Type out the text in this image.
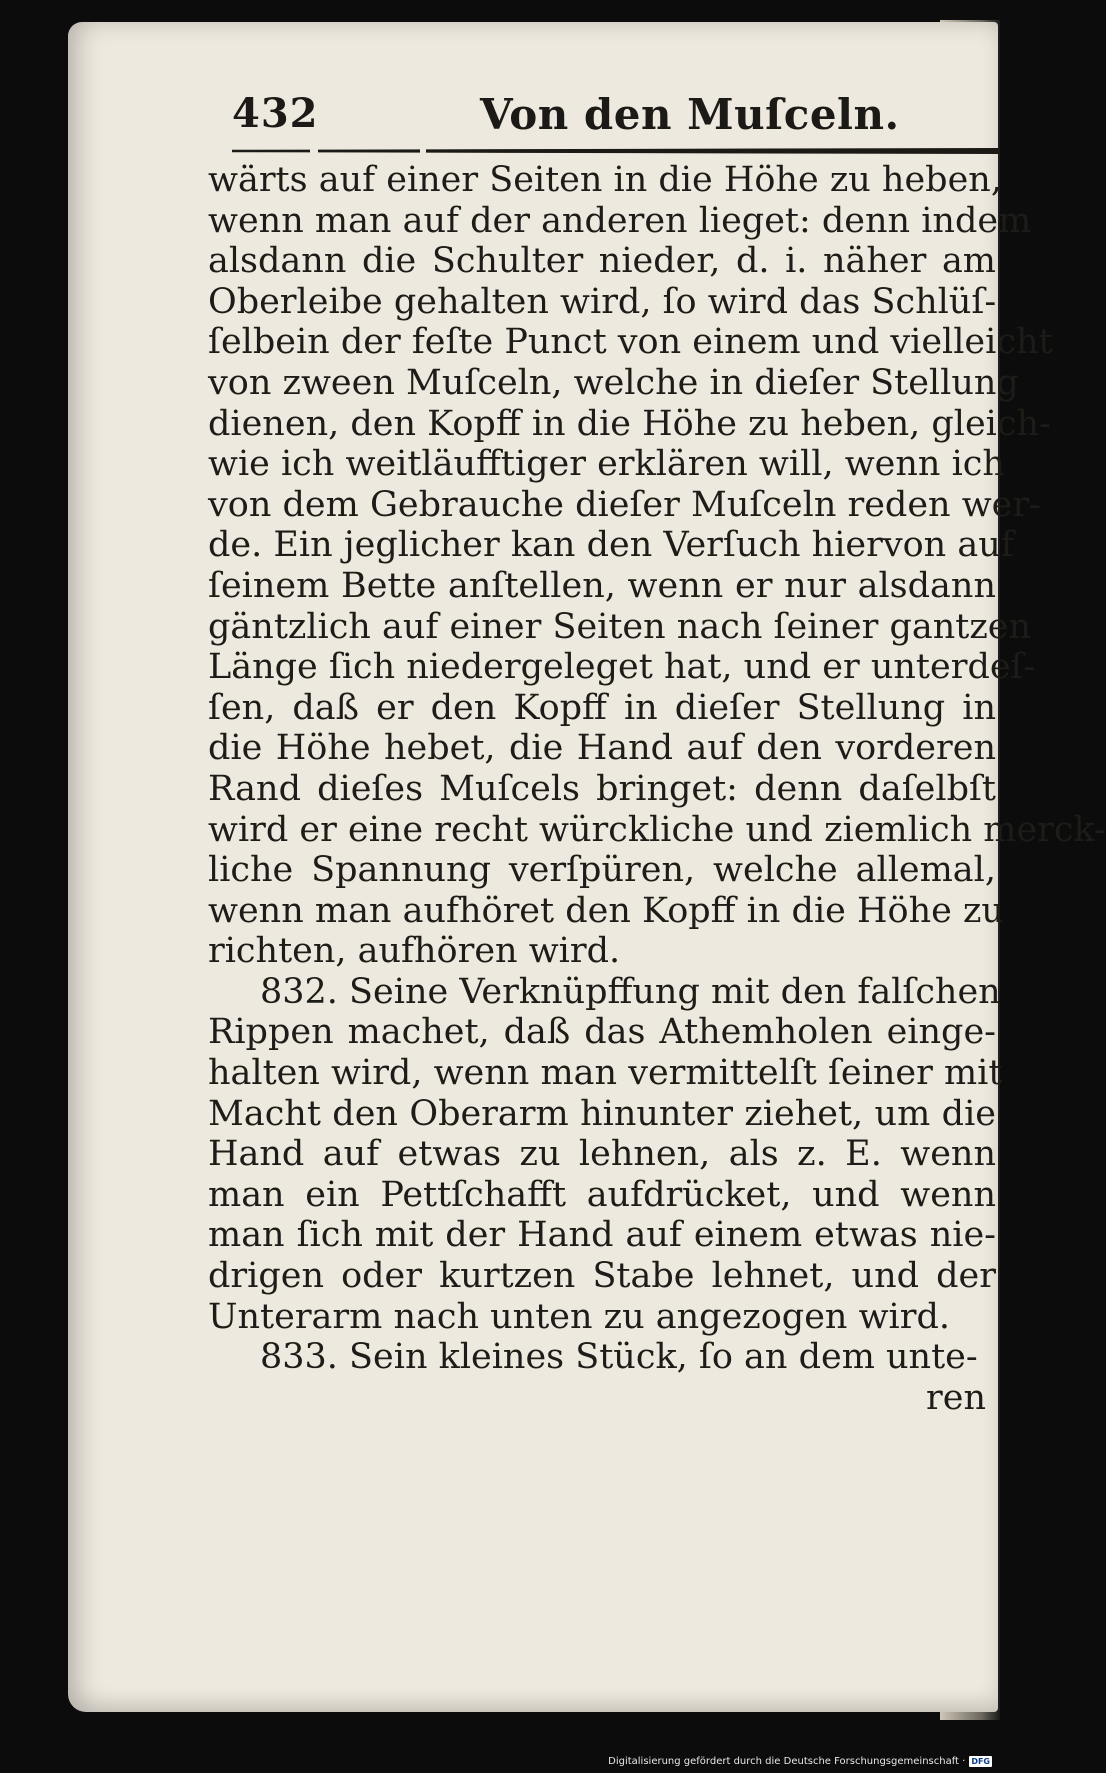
432	Von den Muſceln.
wärts auf einer Seiten in die Höhe zu heben,
wenn man auf der anderen lieget: denn indem
alsdann die Schulter nieder, d. i. näher am
Oberleibe gehalten wird, ſo wird das Schlüſ-
ſelbein der feſte Punct von einem und vielleicht
von zween Muſceln, welche in dieſer Stellung
dienen, den Kopff in die Höhe zu heben, gleich-
wie ich weitläufftiger erklären will, wenn ich
von dem Gebrauche dieſer Muſceln reden wer-
de. Ein jeglicher kan den Verſuch hiervon auf
ſeinem Bette anſtellen, wenn er nur alsdann
gäntzlich auf einer Seiten nach ſeiner gantzen
Länge ſich niedergeleget hat, und er unterdeſ-
ſen, daß er den Kopff in dieſer Stellung in
die Höhe hebet, die Hand auf den vorderen
Rand dieſes Muſcels bringet: denn daſelbſt
wird er eine recht würckliche und ziemlich merck-
liche Spannung verſpüren, welche allemal,
wenn man aufhöret den Kopff in die Höhe zu
richten, aufhören wird.
832. Seine Verknüpffung mit den falſchen
Rippen machet, daß das Athemholen einge-
halten wird, wenn man vermittelſt ſeiner mit
Macht den Oberarm hinunter ziehet, um die
Hand auf etwas zu lehnen, als z. E. wenn
man ein Pettſchafft aufdrücket, und wenn
man ſich mit der Hand auf einem etwas nie-
drigen oder kurtzen Stabe lehnet, und der
Unterarm nach unten zu angezogen wird.
833. Sein kleines Stück, ſo an dem unte-
ren
Digitalisierung gefördert durch die Deutsche Forschungsgemeinschaft · DFG
